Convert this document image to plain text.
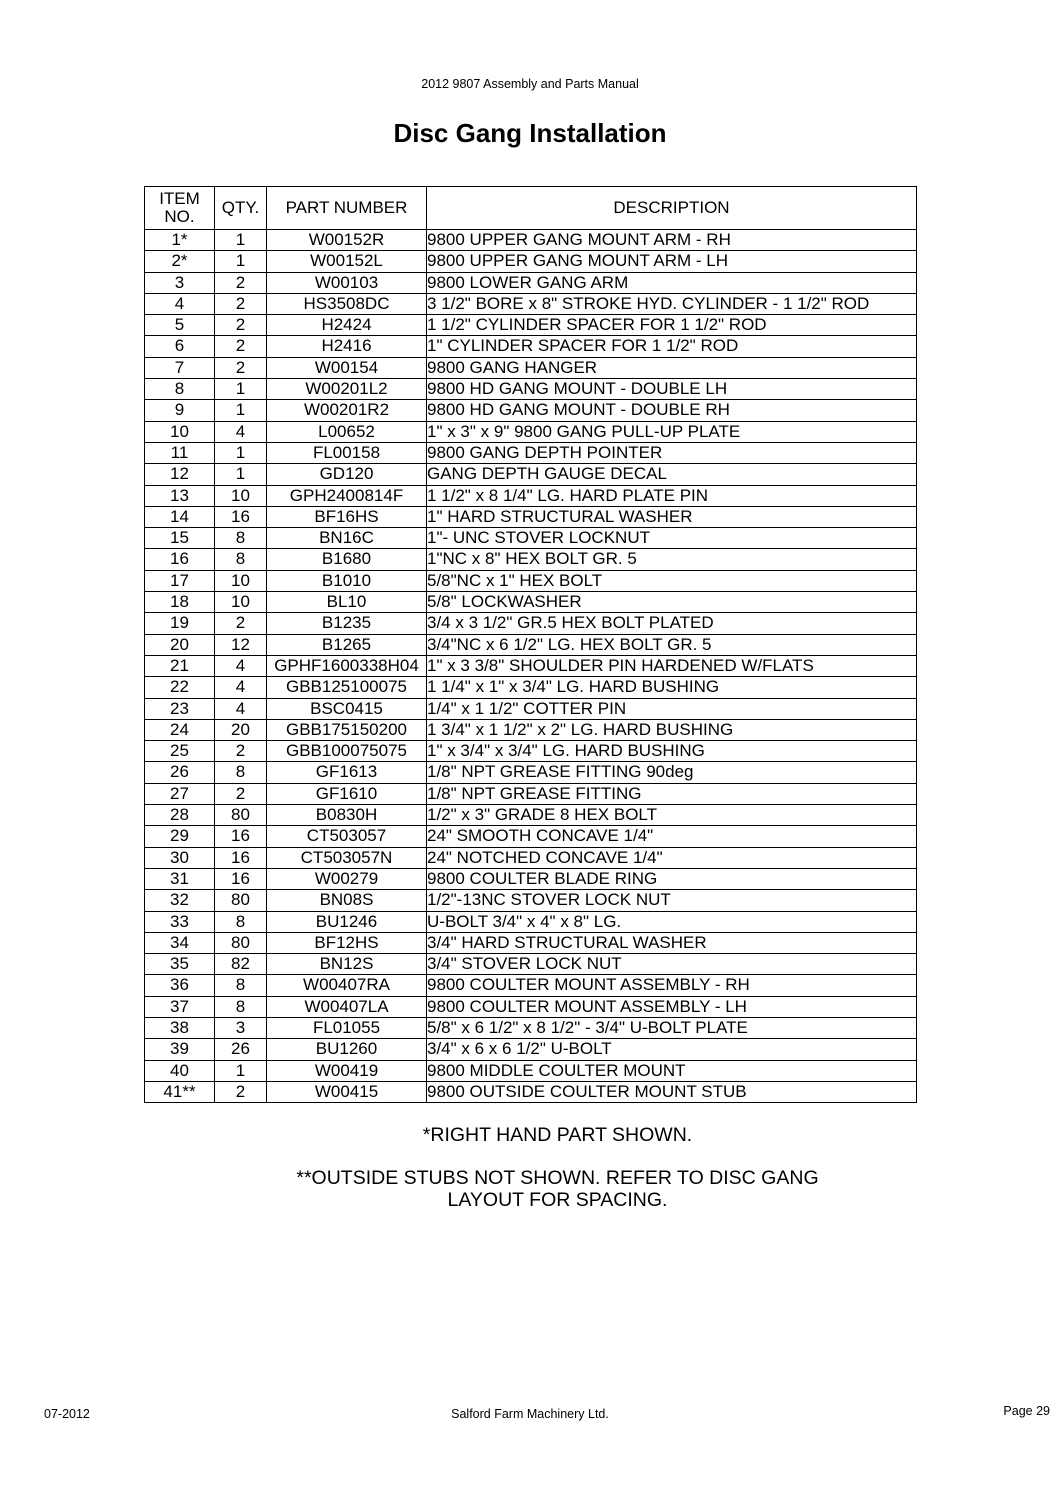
2012 9807 Assembly and Parts Manual
Disc Gang Installation
ITEM NO.	QTY.	PART NUMBER	DESCRIPTION
1*	1	W00152R	9800 UPPER GANG MOUNT ARM - RH
2*	1	W00152L	9800 UPPER GANG MOUNT ARM - LH
3	2	W00103	9800 LOWER GANG ARM
4	2	HS3508DC	3 1/2" BORE x 8" STROKE HYD. CYLINDER - 1 1/2" ROD
5	2	H2424	1 1/2" CYLINDER SPACER FOR 1 1/2" ROD
6	2	H2416	1" CYLINDER SPACER FOR 1 1/2" ROD
7	2	W00154	9800 GANG HANGER
8	1	W00201L2	9800 HD GANG MOUNT - DOUBLE LH
9	1	W00201R2	9800 HD GANG MOUNT - DOUBLE RH
10	4	L00652	1" x 3" x 9" 9800 GANG PULL-UP PLATE
11	1	FL00158	9800 GANG DEPTH POINTER
12	1	GD120	GANG DEPTH GAUGE DECAL
13	10	GPH2400814F	1 1/2" x 8 1/4" LG. HARD PLATE PIN
14	16	BF16HS	1" HARD STRUCTURAL WASHER
15	8	BN16C	1"- UNC STOVER LOCKNUT
16	8	B1680	1"NC x 8" HEX BOLT GR. 5
17	10	B1010	5/8"NC x 1" HEX BOLT
18	10	BL10	5/8" LOCKWASHER
19	2	B1235	3/4 x 3 1/2" GR.5 HEX BOLT PLATED
20	12	B1265	3/4"NC x 6 1/2" LG. HEX BOLT GR. 5
21	4	GPHF1600338H04	1" x 3 3/8" SHOULDER PIN HARDENED W/FLATS
22	4	GBB125100075	1 1/4" x 1" x 3/4" LG. HARD BUSHING
23	4	BSC0415	1/4" x 1 1/2" COTTER PIN
24	20	GBB175150200	1 3/4" x 1 1/2" x 2" LG. HARD BUSHING
25	2	GBB100075075	1" x 3/4" x 3/4" LG. HARD BUSHING
26	8	GF1613	1/8" NPT GREASE FITTING 90deg
27	2	GF1610	1/8" NPT GREASE FITTING
28	80	B0830H	1/2" x 3" GRADE 8 HEX BOLT
29	16	CT503057	24" SMOOTH CONCAVE 1/4"
30	16	CT503057N	24" NOTCHED CONCAVE 1/4"
31	16	W00279	9800 COULTER BLADE RING
32	80	BN08S	1/2"-13NC STOVER LOCK NUT
33	8	BU1246	U-BOLT 3/4" x 4" x 8" LG.
34	80	BF12HS	3/4" HARD STRUCTURAL WASHER
35	82	BN12S	3/4" STOVER LOCK NUT
36	8	W00407RA	9800 COULTER MOUNT ASSEMBLY - RH
37	8	W00407LA	9800 COULTER MOUNT ASSEMBLY - LH
38	3	FL01055	5/8" x 6 1/2" x 8 1/2" - 3/4" U-BOLT PLATE
39	26	BU1260	3/4" x 6 x 6 1/2" U-BOLT
40	1	W00419	9800 MIDDLE COULTER MOUNT
41**	2	W00415	9800 OUTSIDE COULTER MOUNT STUB
*RIGHT HAND PART SHOWN.
**OUTSIDE STUBS NOT SHOWN. REFER TO DISC GANG
LAYOUT FOR SPACING.
07-2012	Salford Farm Machinery Ltd.	Page 29
